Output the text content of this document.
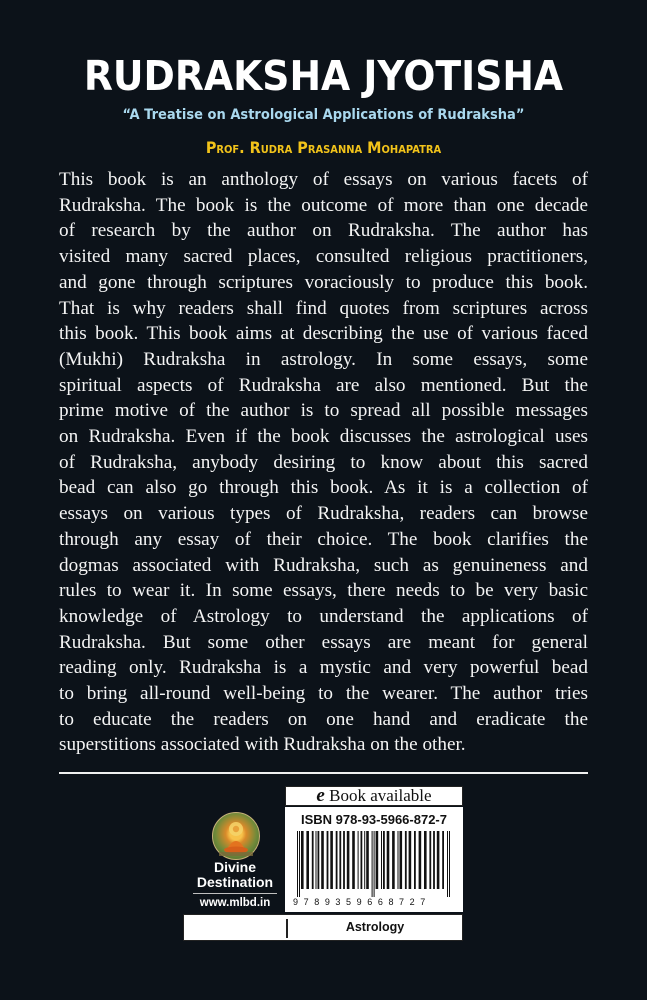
RUDRAKSHA JYOTISHA
“A Treatise on Astrological Applications of Rudraksha”
Prof. Rudra Prasanna Mohapatra
This book is an anthology of essays on various facets of
Rudraksha. The book is the outcome of more than one decade
of research by the author on Rudraksha. The author has
visited many sacred places, consulted religious practitioners,
and gone through scriptures voraciously to produce this book.
That is why readers shall find quotes from scriptures across
this book. This book aims at describing the use of various faced
(Mukhi) Rudraksha in astrology. In some essays, some
spiritual aspects of Rudraksha are also mentioned. But the
prime motive of the author is to spread all possible messages
on Rudraksha. Even if the book discusses the astrological uses
of Rudraksha, anybody desiring to know about this sacred
bead can also go through this book. As it is a collection of
essays on various types of Rudraksha, readers can browse
through any essay of their choice. The book clarifies the
dogmas associated with Rudraksha, such as genuineness and
rules to wear it. In some essays, there needs to be very basic
knowledge of Astrology to understand the applications of
Rudraksha. But some other essays are meant for general
reading only. Rudraksha is a mystic and very powerful bead
to bring all-round well-being to the wearer. The author tries
to educate the readers on one hand and eradicate the
superstitions associated with Rudraksha on the other.
Divine
Destination
www.mlbd.in
e Book available
ISBN 978-93-5966-872-7
9789359668727
Astrology
